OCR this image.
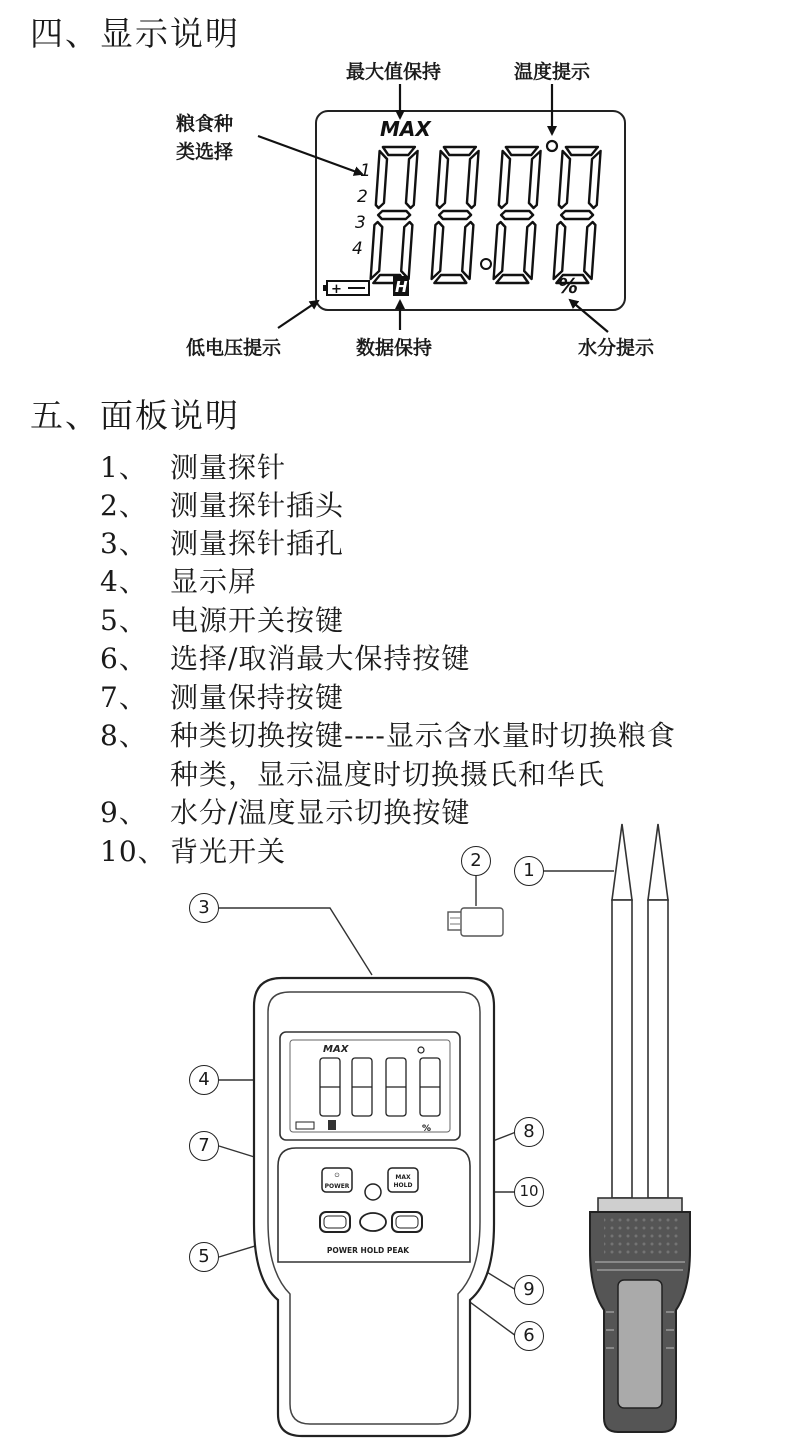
四、显示说明
最大值保持	温度提示
粮食种
类选择
低电压提示	数据保持	水分提示
MAX
1
2
3
4
+	H	%
五、面板说明
1、 测量探针
2、 测量探针插头
3、 测量探针插孔
4、 显示屏
5、 电源开关按键
6、 选择/取消最大保持按键
7、 测量保持按键
8、 种类切换按键----显示含水量时切换粮食
种类，显示温度时切换摄氏和华氏
9、 水分/温度显示切换按键
10、 背光开关
MAX
%
⏻
POWER
MAX
HOLD
POWER HOLD PEAK
3
2	1
4
7
8
10
5
9
6
